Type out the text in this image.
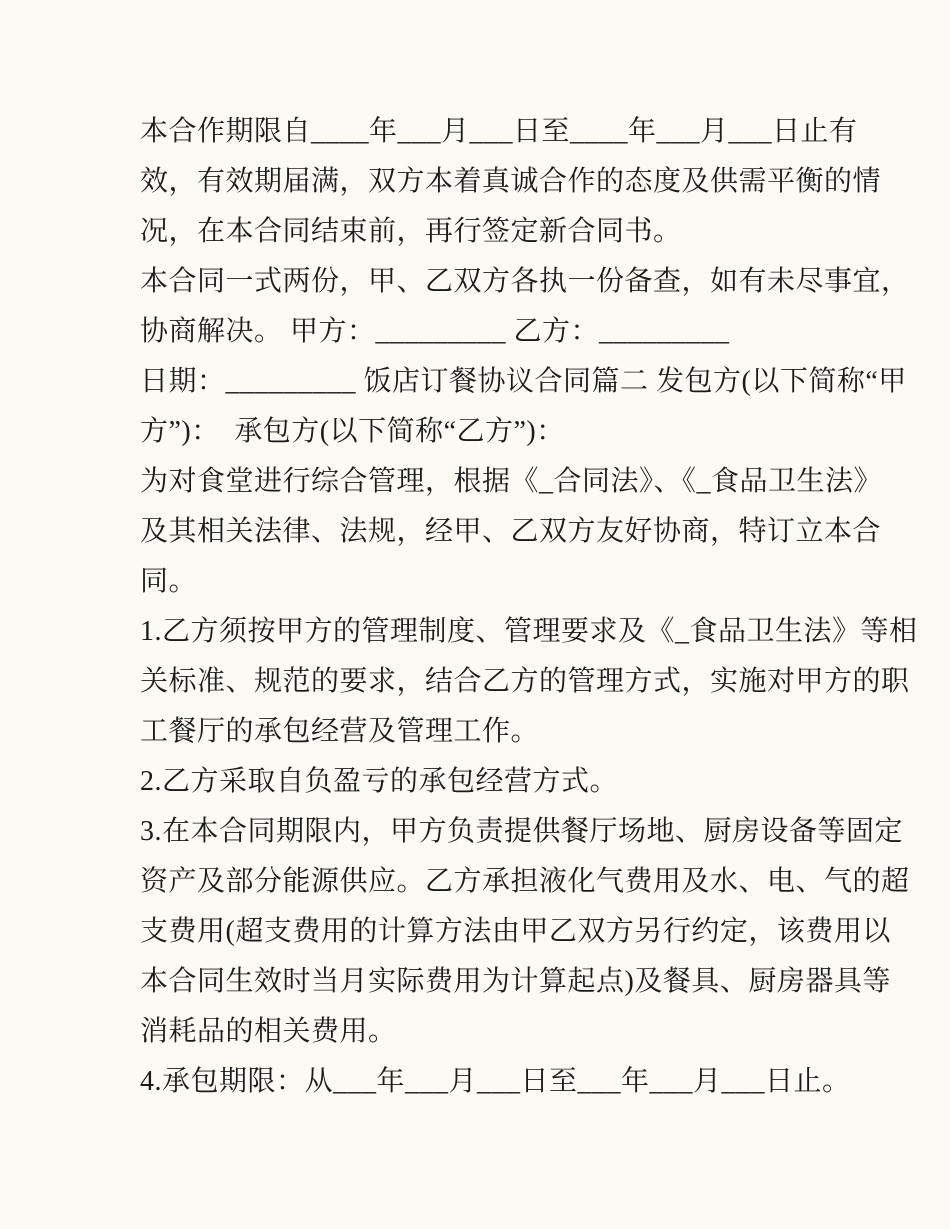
本合作期限自____年___月___日至____年___月___日止有
效，有效期届满，双方本着真诚合作的态度及供需平衡的情
况，在本合同结束前，再行签定新合同书。
本合同一式两份，甲、乙双方各执一份备查，如有未尽事宜，
协商解决。 甲方：_________ 乙方：_________
日期：_________ 饭店订餐协议合同篇二 发包方(以下简称“甲
方”)：　承包方(以下简称“乙方”)：
为对食堂进行综合管理，根据《_合同法》、《_食品卫生法》
及其相关法律、法规，经甲、乙双方友好协商，特订立本合
同。
1.乙方须按甲方的管理制度、管理要求及《_食品卫生法》等相
关标准、规范的要求，结合乙方的管理方式，实施对甲方的职
工餐厅的承包经营及管理工作。
2.乙方采取自负盈亏的承包经营方式。
3.在本合同期限内，甲方负责提供餐厅场地、厨房设备等固定
资产及部分能源供应。乙方承担液化气费用及水、电、气的超
支费用(超支费用的计算方法由甲乙双方另行约定，该费用以
本合同生效时当月实际费用为计算起点)及餐具、厨房器具等
消耗品的相关费用。
4.承包期限：从___年___月___日至___年___月___日止。
